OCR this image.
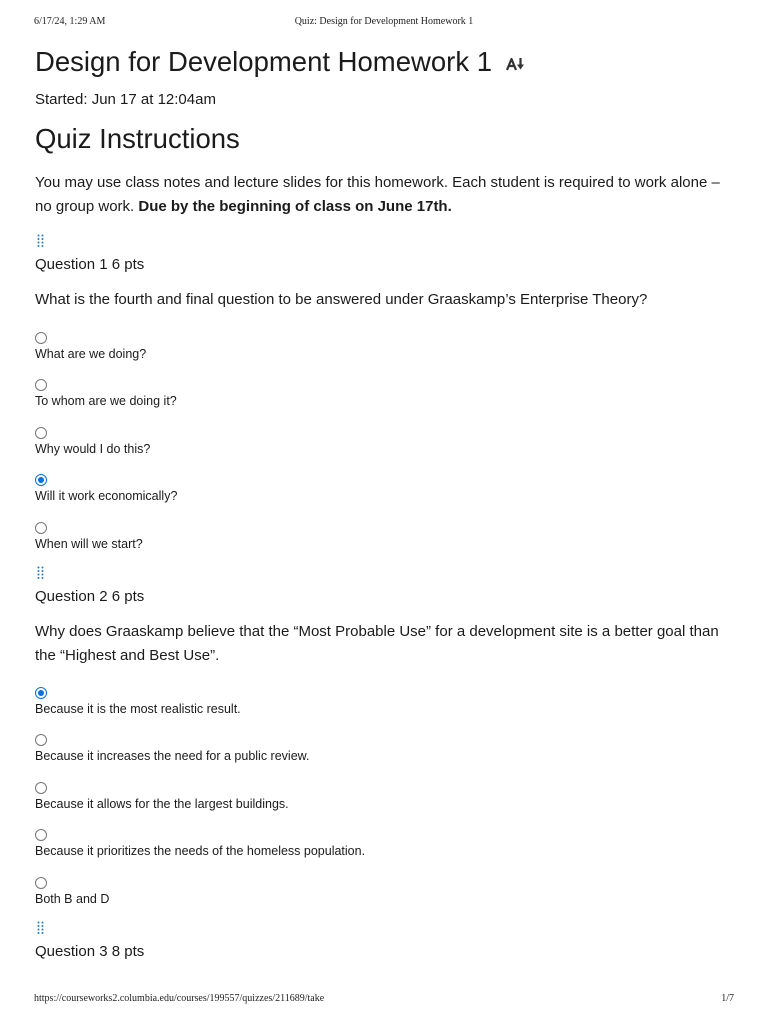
6/17/24, 1:29 AM	Quiz: Design for Development Homework 1
Design for Development Homework 1
Started: Jun 17 at 12:04am
Quiz Instructions
You may use class notes and lecture slides for this homework. Each student is required to work alone – no group work. Due by the beginning of class on June 17th.
Question 1 6 pts
What is the fourth and final question to be answered under Graaskamp’s Enterprise Theory?
What are we doing?
To whom are we doing it?
Why would I do this?
Will it work economically?
When will we start?
Question 2 6 pts
Why does Graaskamp believe that the “Most Probable Use” for a development site is a better goal than the “Highest and Best Use”.
Because it is the most realistic result.
Because it increases the need for a public review.
Because it allows for the the largest buildings.
Because it prioritizes the needs of the homeless population.
Both B and D
Question 3 8 pts
https://courseworks2.columbia.edu/courses/199557/quizzes/211689/take	1/7
